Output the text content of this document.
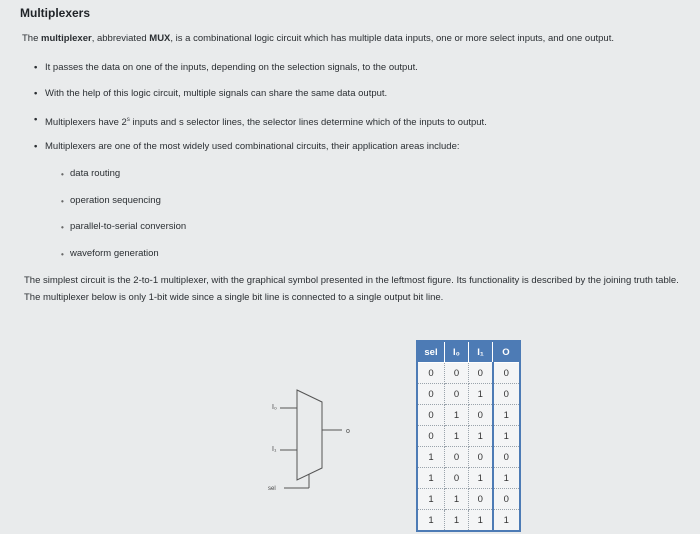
Multiplexers
The multiplexer, abbreviated MUX, is a combinational logic circuit which has multiple data inputs, one or more select inputs, and one output.
• It passes the data on one of the inputs, depending on the selection signals, to the output.
• With the help of this logic circuit, multiple signals can share the same data output.
• Multiplexers have 2$^s$ inputs and s selector lines, the selector lines determine which of the inputs to output.
• Multiplexers are one of the most widely used combinational circuits, their application areas include:
• data routing
• operation sequencing
• parallel-to-serial conversion
• waveform generation
The simplest circuit is the 2-to-1 multiplexer, with the graphical symbol presented in the leftmost figure. Its functionality is described by the joining truth table. The multiplexer below is only 1-bit wide since a single bit line is connected to a single output bit line.
I₀
I₁
o
sel
sel	I₀	I₁	O
0	0	0	0
0	0	1	0
0	1	0	1
0	1	1	1
1	0	0	0
1	0	1	1
1	1	0	0
1	1	1	1
